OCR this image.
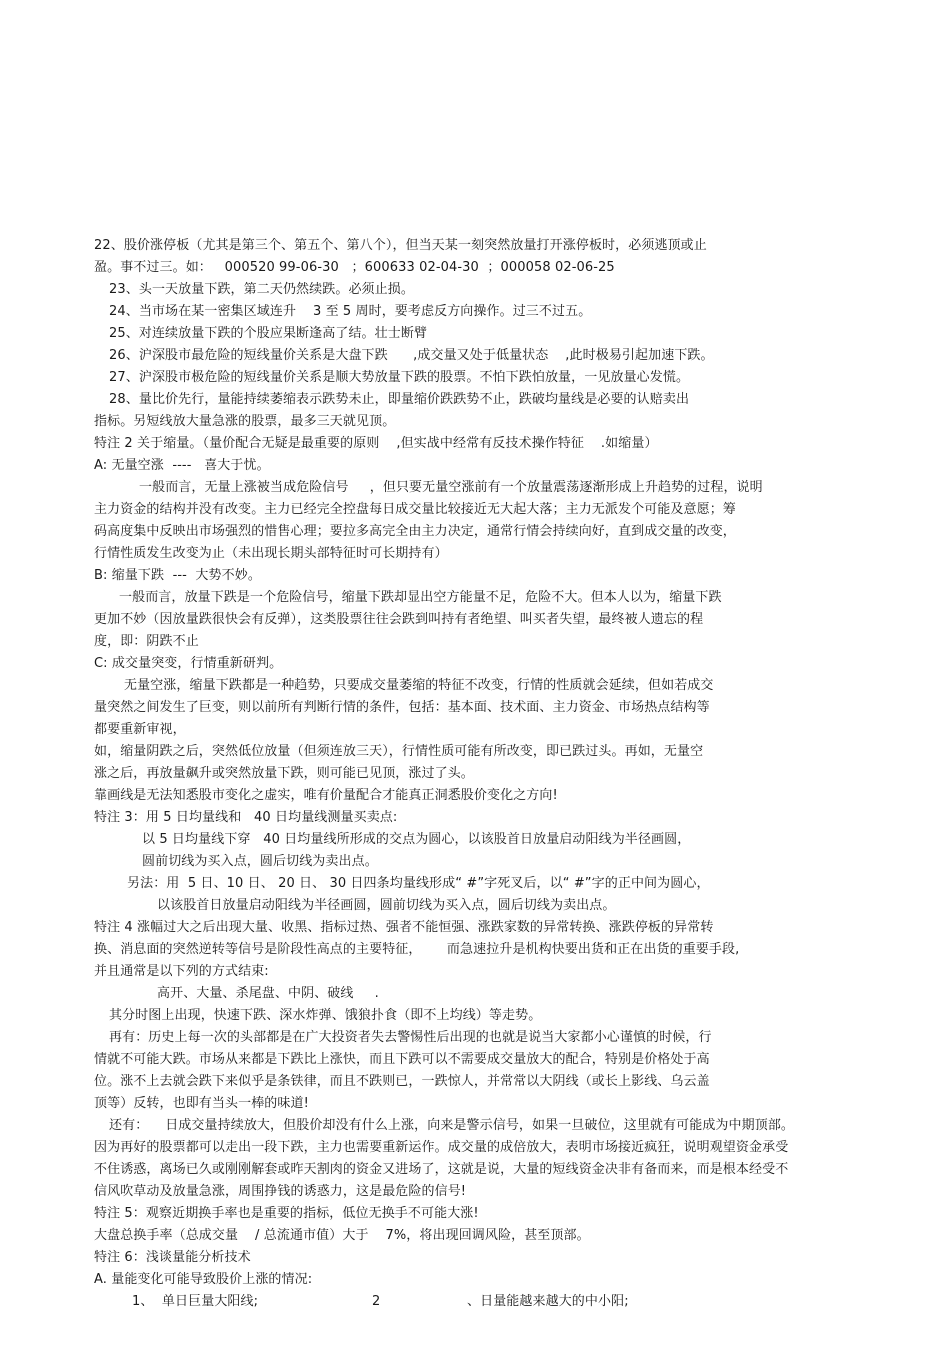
22、股价涨停板（尤其是第三个、第五个、第八个），但当天某一刻突然放量打开涨停板时，必须逃顶或止
盈。事不过三。如：   000520 99-06-30   ；600633 02-04-30  ；000058 02-06-25
23、头一天放量下跌，第二天仍然续跌。必须止损。
24、当市场在某一密集区域连升    3 至 5 周时，要考虑反方向操作。过三不过五。
25、对连续放量下跌的个股应果断逢高了结。壮士断臂
26、沪深股市最危险的短线量价关系是大盘下跌      ,成交量又处于低量状态    ,此时极易引起加速下跌。
27、沪深股市极危险的短线量价关系是顺大势放量下跌的股票。不怕下跌怕放量，一见放量心发慌。
28、量比价先行，量能持续萎缩表示跌势未止，即量缩价跌跌势不止，跌破均量线是必要的认赔卖出
指标。另短线放大量急涨的股票，最多三天就见顶。
特注 2 关于缩量。（量价配合无疑是最重要的原则    ,但实战中经常有反技术操作特征    .如缩量）
A: 无量空涨  ----   喜大于忧。
一般而言，无量上涨被当成危险信号     ，但只要无量空涨前有一个放量震荡逐渐形成上升趋势的过程，说明
主力资金的结构并没有改变。主力已经完全控盘每日成交量比较接近无大起大落；主力无派发个可能及意愿；筹
码高度集中反映出市场强烈的惜售心理；要拉多高完全由主力决定，通常行情会持续向好，直到成交量的改变，
行情性质发生改变为止（未出现长期头部特征时可长期持有）
B: 缩量下跌  ---  大势不妙。
一般而言，放量下跌是一个危险信号，缩量下跌却显出空方能量不足，危险不大。但本人以为，缩量下跌
更加不妙（因放量跌很快会有反弹），这类股票往往会跌到叫持有者绝望、叫买者失望，最终被人遗忘的程
度，即：阴跌不止
C: 成交量突变，行情重新研判。
无量空涨，缩量下跌都是一种趋势，只要成交量萎缩的特征不改变，行情的性质就会延续，但如若成交
量突然之间发生了巨变，则以前所有判断行情的条件，包括：基本面、技术面、主力资金、市场热点结构等
都要重新审视，
如，缩量阴跌之后，突然低位放量（但须连放三天），行情性质可能有所改变，即已跌过头。再如，无量空
涨之后，再放量飙升或突然放量下跌，则可能已见顶，涨过了头。
靠画线是无法知悉股市变化之虚实，唯有价量配合才能真正洞悉股价变化之方向!
特注 3：用 5 日均量线和   40 日均量线测量买卖点:
以 5 日均量线下穿   40 日均量线所形成的交点为圆心，以该股首日放量启动阳线为半径画圆，
圆前切线为买入点，圆后切线为卖出点。
另法：用  5 日、10 日、 20 日、 30 日四条均量线形成“ #”字死叉后，以“ #”字的正中间为圆心，
以该股首日放量启动阳线为半径画圆，圆前切线为买入点，圆后切线为卖出点。
特注 4 涨幅过大之后出现大量、收黑、指标过热、强者不能恒强、涨跌家数的异常转换、涨跌停板的异常转
换、消息面的突然逆转等信号是阶段性高点的主要特征，      而急速拉升是机构快要出货和正在出货的重要手段,
并且通常是以下列的方式结束:
高开、大量、杀尾盘、中阴、破线     .
其分时图上出现，快速下跌、深水炸弹、饿狼扑食（即不上均线）等走势。
再有：历史上每一次的头部都是在广大投资者失去警惕性后出现的也就是说当大家都小心谨慎的时候，行
情就不可能大跌。市场从来都是下跌比上涨快，而且下跌可以不需要成交量放大的配合，特别是价格处于高
位。涨不上去就会跌下来似乎是条铁律，而且不跌则已，一跌惊人，并常常以大阴线（或长上影线、乌云盖
顶等）反转，也即有当头一棒的味道!
还有：    日成交量持续放大，但股价却没有什么上涨，向来是警示信号，如果一旦破位，这里就有可能成为中期顶部。
因为再好的股票都可以走出一段下跌，主力也需要重新运作。成交量的成倍放大，表明市场接近疯狂，说明观望资金承受
不住诱惑，离场已久或刚刚解套或昨天割肉的资金又进场了，这就是说，大量的短线资金决非有备而来，而是根本经受不
信风吹草动及放量急涨，周围挣钱的诱惑力，这是最危险的信号!
特注 5：观察近期换手率也是重要的指标，低位无换手不可能大涨!
大盘总换手率（总成交量    / 总流通市值）大于    7%，将出现回调风险，甚至顶部。
特注 6：浅谈量能分析技术
A. 量能变化可能导致股价上涨的情况:
1、  单日巨量大阳线;	2	、日量能越来越大的中小阳;
